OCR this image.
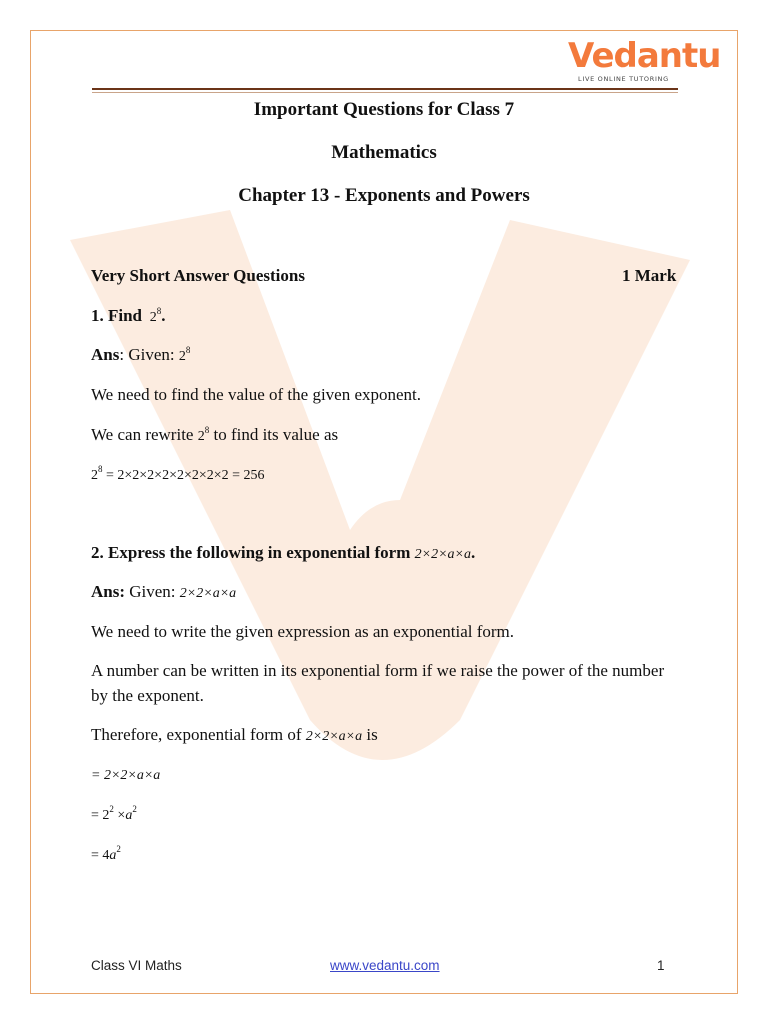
Vedantu
LIVE ONLINE TUTORING
Important Questions for Class 7
Mathematics
Chapter 13 - Exponents and Powers
Very Short Answer Questions	1 Mark
1. Find $2^8$.
Ans: Given: $2^8$
We need to find the value of the given exponent.
We can rewrite $2^8$ to find its value as
$2^8 = 2\times 2\times 2\times 2\times 2\times 2\times 2\times 2 = 256$
2. Express the following in exponential form 2×2×a×a.
Ans: Given: 2×2×a×a
We need to write the given expression as an exponential form.
A number can be written in its exponential form if we raise the power of the number
by the exponent.
Therefore, exponential form of 2×2×a×a is
= 2×2×a×a
= $2^2 \times a^2$
= $4a^2$
Class VI Maths	www.vedantu.com	1
